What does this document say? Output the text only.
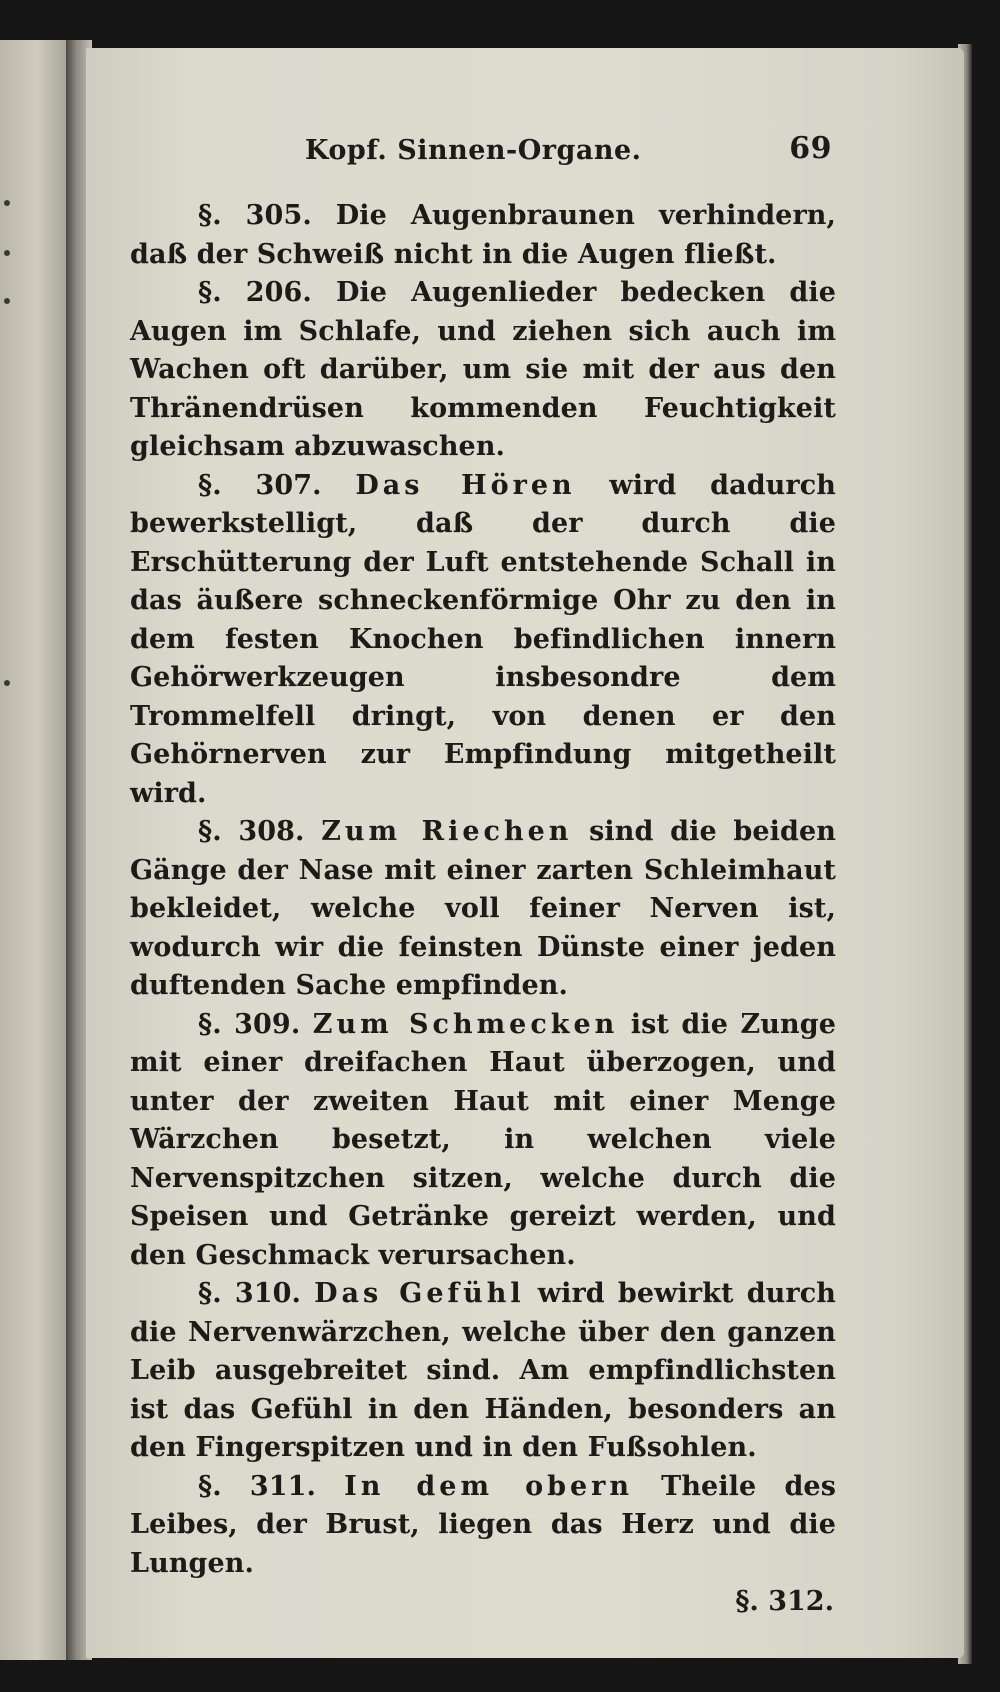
Kopf. Sinnen-Organe.	69

§. 305. Die Augenbraunen verhindern, daß der Schweiß nicht in die Augen fließt.

§. 206. Die Augenlieder bedecken die Augen im Schlafe, und ziehen sich auch im Wachen oft darüber, um sie mit der aus den Thränendrüsen kommenden Feuchtigkeit gleichsam abzuwaschen.

§. 307. Das Hören wird dadurch bewerkstelligt, daß der durch die Erschütterung der Luft entstehende Schall in das äußere schneckenförmige Ohr zu den in dem festen Knochen befindlichen innern Gehörwerkzeugen insbesondre dem Trommelfell dringt, von denen er den Gehörnerven zur Empfindung mitgetheilt wird.

§. 308. Zum Riechen sind die beiden Gänge der Nase mit einer zarten Schleimhaut bekleidet, welche voll feiner Nerven ist, wodurch wir die feinsten Dünste einer jeden duftenden Sache empfinden.

§. 309. Zum Schmecken ist die Zunge mit einer dreifachen Haut überzogen, und unter der zweiten Haut mit einer Menge Wärzchen besetzt, in welchen viele Nervenspitzchen sitzen, welche durch die Speisen und Getränke gereizt werden, und den Geschmack verursachen.

§. 310. Das Gefühl wird bewirkt durch die Nervenwärzchen, welche über den ganzen Leib ausgebreitet sind. Am empfindlichsten ist das Gefühl in den Händen, besonders an den Fingerspitzen und in den Fußsohlen.

§. 311. In dem obern Theile des Leibes, der Brust, liegen das Herz und die Lungen.

§. 312.
